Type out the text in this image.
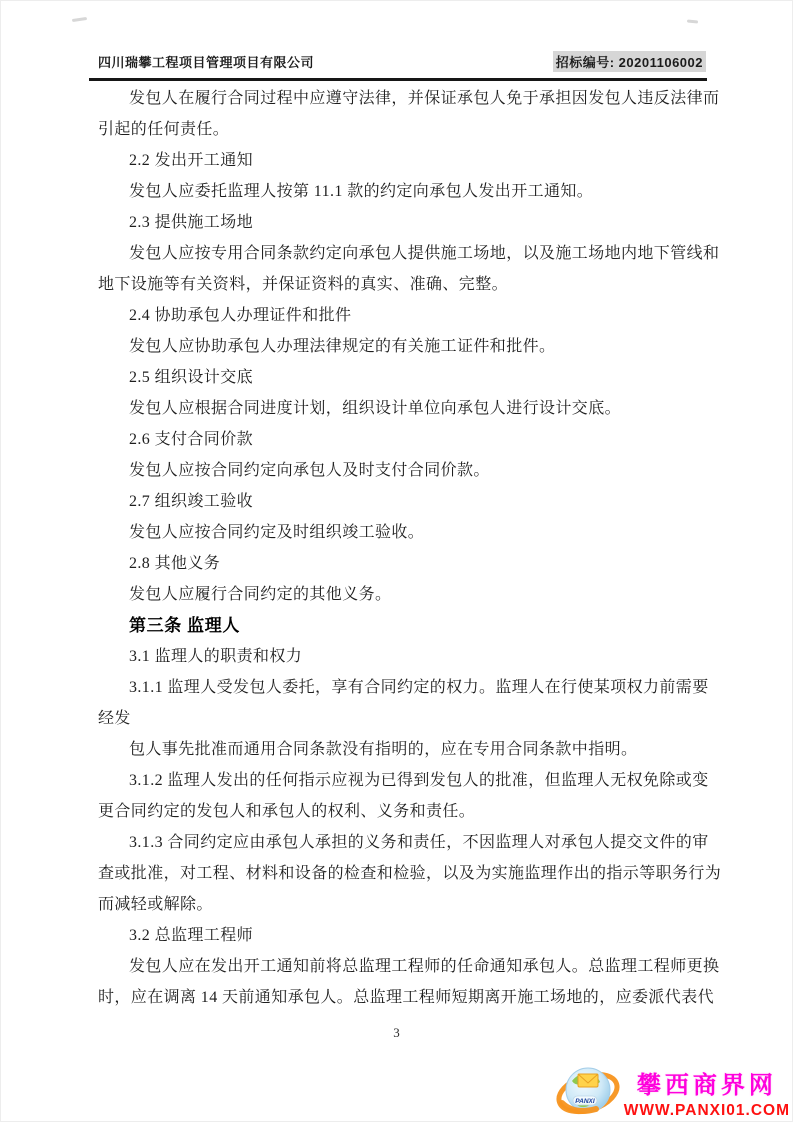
四川瑞攀工程项目管理项目有限公司	招标编号: 20201106002
发包人在履行合同过程中应遵守法律，并保证承包人免于承担因发包人违反法律而
引起的任何责任。
2.2 发出开工通知
发包人应委托监理人按第 11.1 款的约定向承包人发出开工通知。
2.3 提供施工场地
发包人应按专用合同条款约定向承包人提供施工场地，以及施工场地内地下管线和
地下设施等有关资料，并保证资料的真实、准确、完整。
2.4 协助承包人办理证件和批件
发包人应协助承包人办理法律规定的有关施工证件和批件。
2.5 组织设计交底
发包人应根据合同进度计划，组织设计单位向承包人进行设计交底。
2.6 支付合同价款
发包人应按合同约定向承包人及时支付合同价款。
2.7 组织竣工验收
发包人应按合同约定及时组织竣工验收。
2.8 其他义务
发包人应履行合同约定的其他义务。
第三条 监理人
3.1 监理人的职责和权力
3.1.1 监理人受发包人委托，享有合同约定的权力。监理人在行使某项权力前需要
经发
包人事先批准而通用合同条款没有指明的，应在专用合同条款中指明。
3.1.2 监理人发出的任何指示应视为已得到发包人的批准，但监理人无权免除或变
更合同约定的发包人和承包人的权利、义务和责任。
3.1.3 合同约定应由承包人承担的义务和责任，不因监理人对承包人提交文件的审
查或批准，对工程、材料和设备的检查和检验，以及为实施监理作出的指示等职务行为
而减轻或解除。
3.2 总监理工程师
发包人应在发出开工通知前将总监理工程师的任命通知承包人。总监理工程师更换
时，应在调离 14 天前通知承包人。总监理工程师短期离开施工场地的，应委派代表代
3
PANXI
攀西商界网
WWW.PANXI01.COM
